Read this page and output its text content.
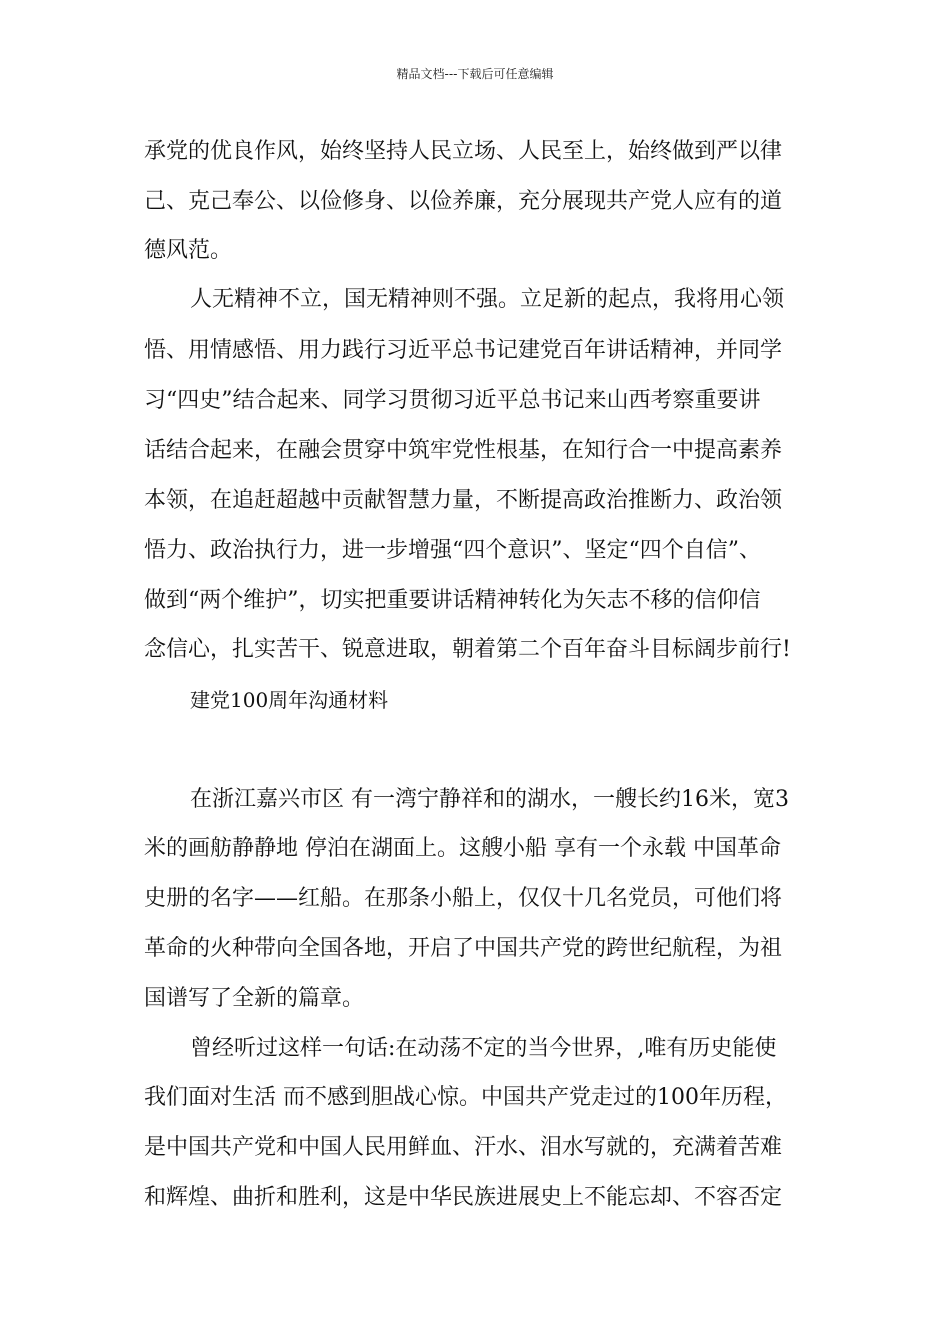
精品文档---下载后可任意编辑
承党的优良作风，始终坚持人民立场、人民至上，始终做到严以律
己、克己奉公、以俭修身、以俭养廉，充分展现共产党人应有的道
德风范。
人无精神不立，国无精神则不强。立足新的起点，我将用心领
悟、用情感悟、用力践行习近平总书记建党百年讲话精神，并同学
习“四史”结合起来、同学习贯彻习近平总书记来山西考察重要讲
话结合起来，在融会贯穿中筑牢党性根基，在知行合一中提高素养
本领，在追赶超越中贡献智慧力量，不断提高政治推断力、政治领
悟力、政治执行力，进一步增强“四个意识”、坚定“四个自信”、
做到“两个维护”，切实把重要讲话精神转化为矢志不移的信仰信
念信心，扎实苦干、锐意进取，朝着第二个百年奋斗目标阔步前行!
建党100周年沟通材料
在浙江嘉兴市区 有一湾宁静祥和的湖水，一艘长约16米，宽3
米的画舫静静地 停泊在湖面上。这艘小船 享有一个永载 中国革命
史册的名字——红船。在那条小船上，仅仅十几名党员，可他们将
革命的火种带向全国各地，开启了中国共产党的跨世纪航程，为祖
国谱写了全新的篇章。
曾经听过这样一句话:在动荡不定的当今世界，,唯有历史能使
我们面对生活 而不感到胆战心惊。中国共产党走过的100年历程，
是中国共产党和中国人民用鲜血、汗水、泪水写就的，充满着苦难
和辉煌、曲折和胜利，这是中华民族进展史上不能忘却、不容否定
